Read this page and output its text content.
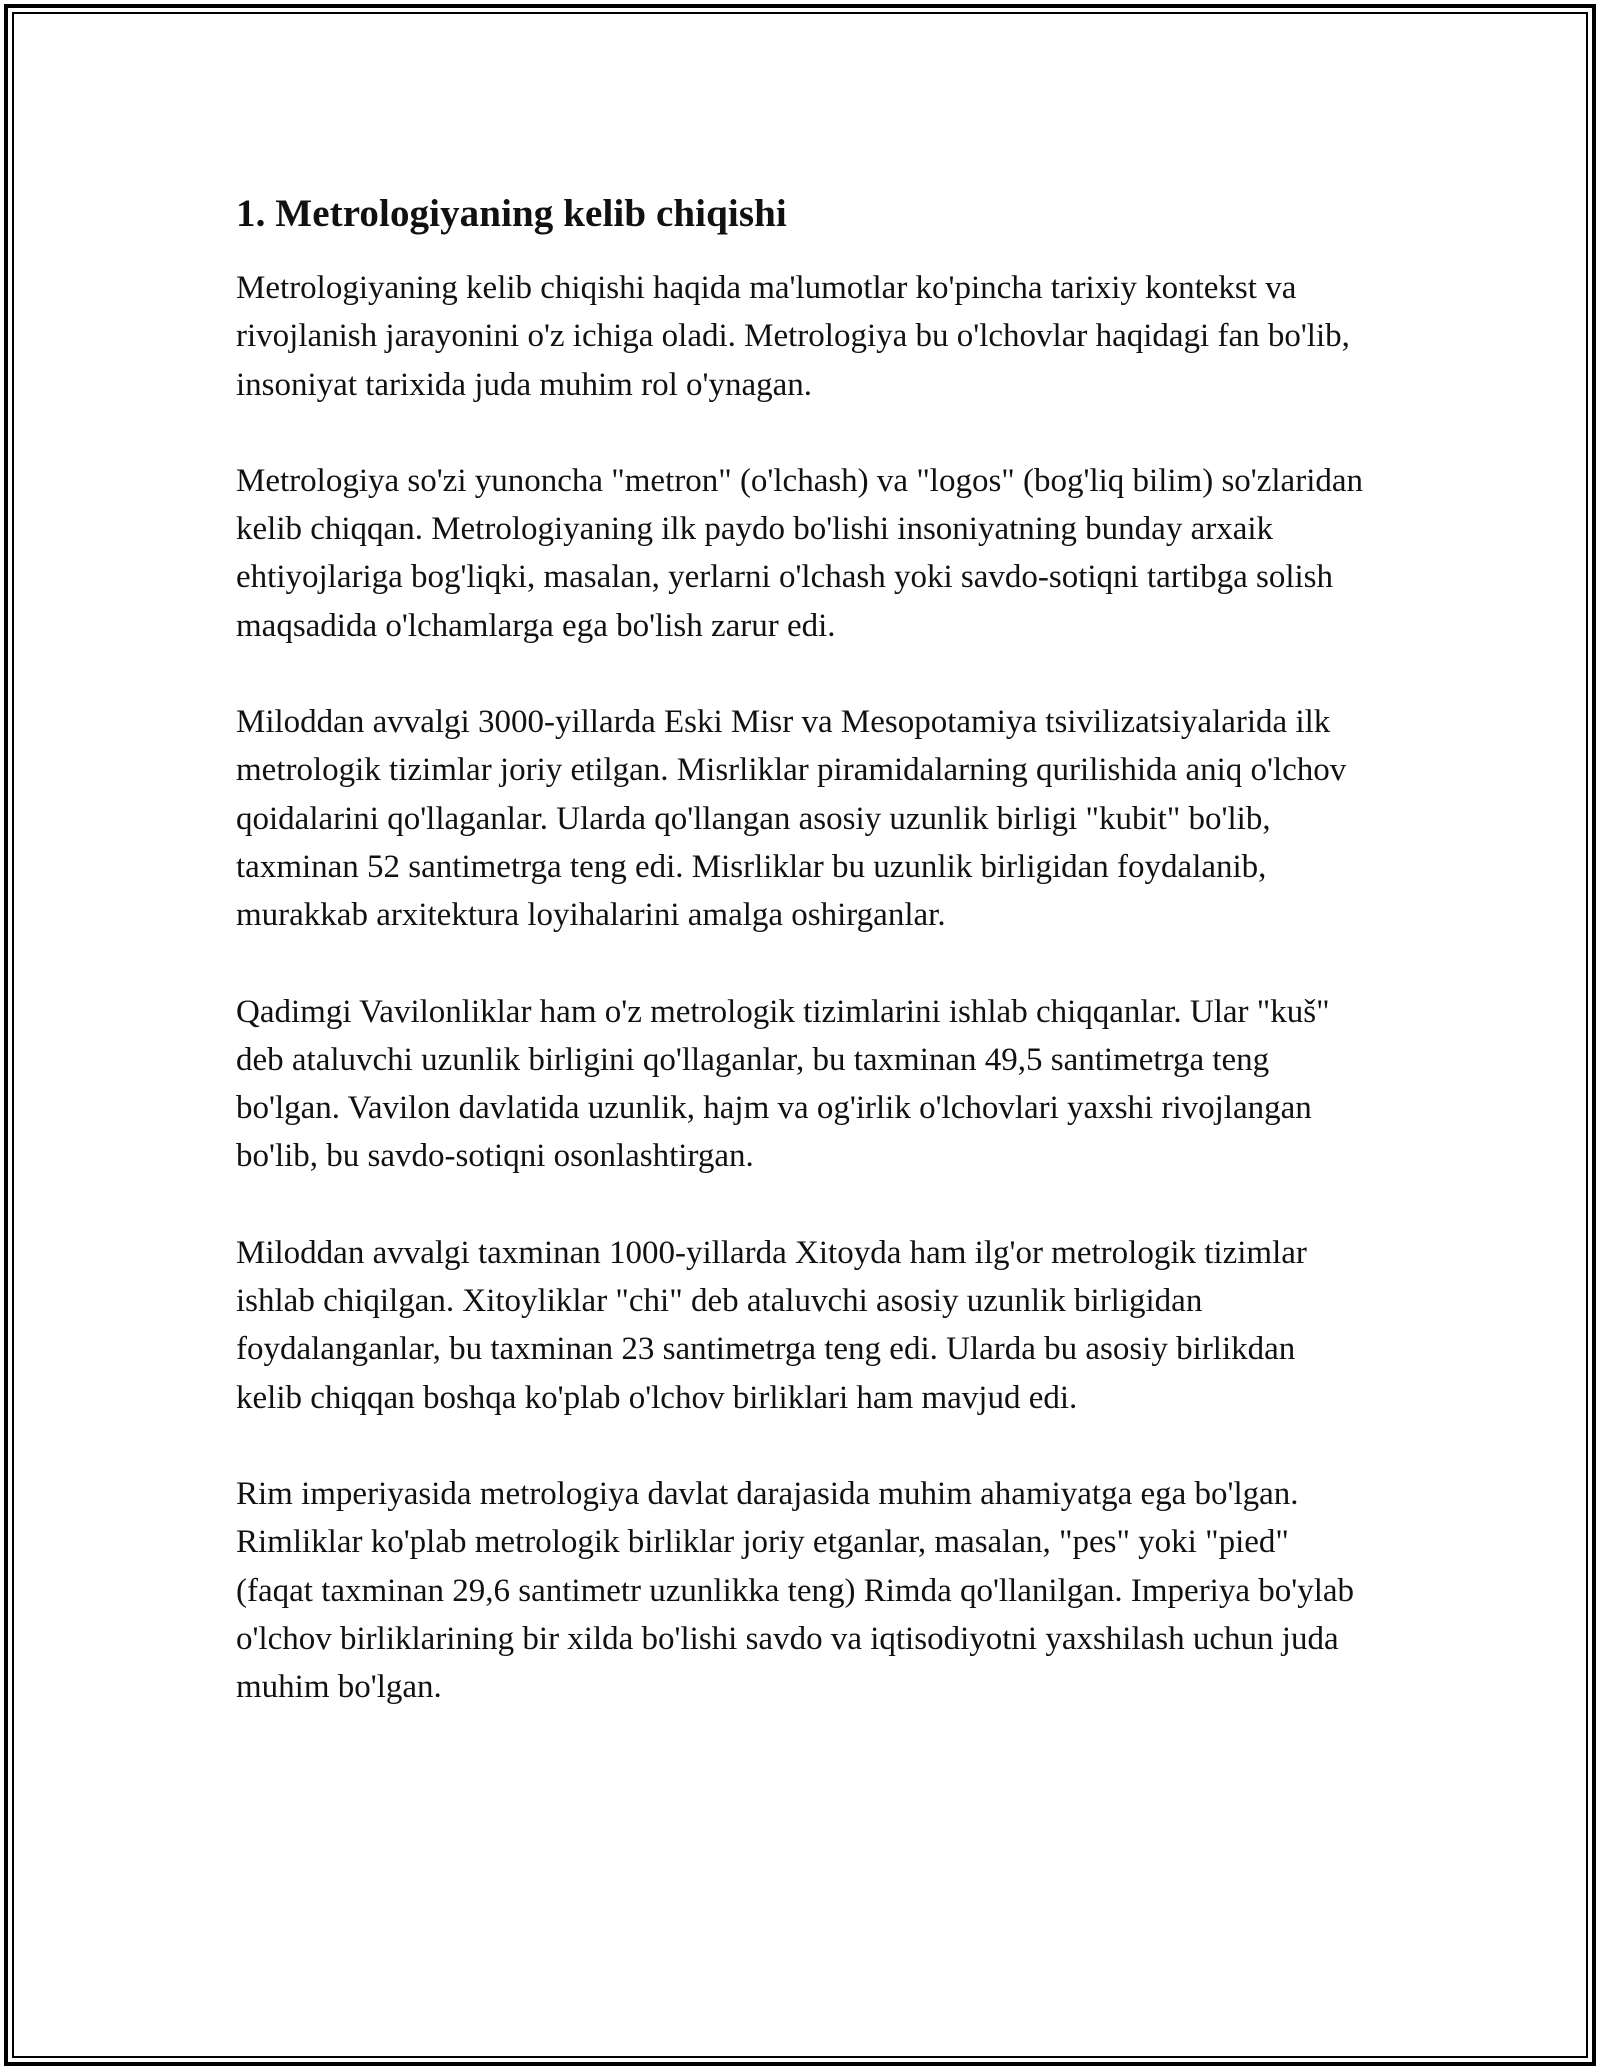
1. Metrologiyaning kelib chiqishi

Metrologiyaning kelib chiqishi haqida ma'lumotlar ko'pincha tarixiy kontekst va rivojlanish jarayonini o'z ichiga oladi. Metrologiya bu o'lchovlar haqidagi fan bo'lib, insoniyat tarixida juda muhim rol o'ynagan.

Metrologiya so'zi yunoncha "metron" (o'lchash) va "logos" (bog'liq bilim) so'zlaridan kelib chiqqan. Metrologiyaning ilk paydo bo'lishi insoniyatning bunday arxaik ehtiyojlariga bog'liqki, masalan, yerlarni o'lchash yoki savdo-sotiqni tartibga solish maqsadida o'lchamlarga ega bo'lish zarur edi.

Miloddan avvalgi 3000-yillarda Eski Misr va Mesopotamiya tsivilizatsiyalarida ilk metrologik tizimlar joriy etilgan. Misrliklar piramidalarning qurilishida aniq o'lchov qoidalarini qo'llaganlar. Ularda qo'llangan asosiy uzunlik birligi "kubit" bo'lib, taxminan 52 santimetrga teng edi. Misrliklar bu uzunlik birligidan foydalanib, murakkab arxitektura loyihalarini amalga oshirganlar.

Qadimgi Vavilonliklar ham o'z metrologik tizimlarini ishlab chiqqanlar. Ular "kuš" deb ataluvchi uzunlik birligini qo'llaganlar, bu taxminan 49,5 santimetrga teng bo'lgan. Vavilon davlatida uzunlik, hajm va og'irlik o'lchovlari yaxshi rivojlangan bo'lib, bu savdo-sotiqni osonlashtirgan.

Miloddan avvalgi taxminan 1000-yillarda Xitoyda ham ilg'or metrologik tizimlar ishlab chiqilgan. Xitoyliklar "chi" deb ataluvchi asosiy uzunlik birligidan foydalanganlar, bu taxminan 23 santimetrga teng edi. Ularda bu asosiy birlikdan kelib chiqqan boshqa ko'plab o'lchov birliklari ham mavjud edi.

Rim imperiyasida metrologiya davlat darajasida muhim ahamiyatga ega bo'lgan. Rimliklar ko'plab metrologik birliklar joriy etganlar, masalan, "pes" yoki "pied" (faqat taxminan 29,6 santimetr uzunlikka teng) Rimda qo'llanilgan. Imperiya bo'ylab o'lchov birliklarining bir xilda bo'lishi savdo va iqtisodiyotni yaxshilash uchun juda muhim bo'lgan.
